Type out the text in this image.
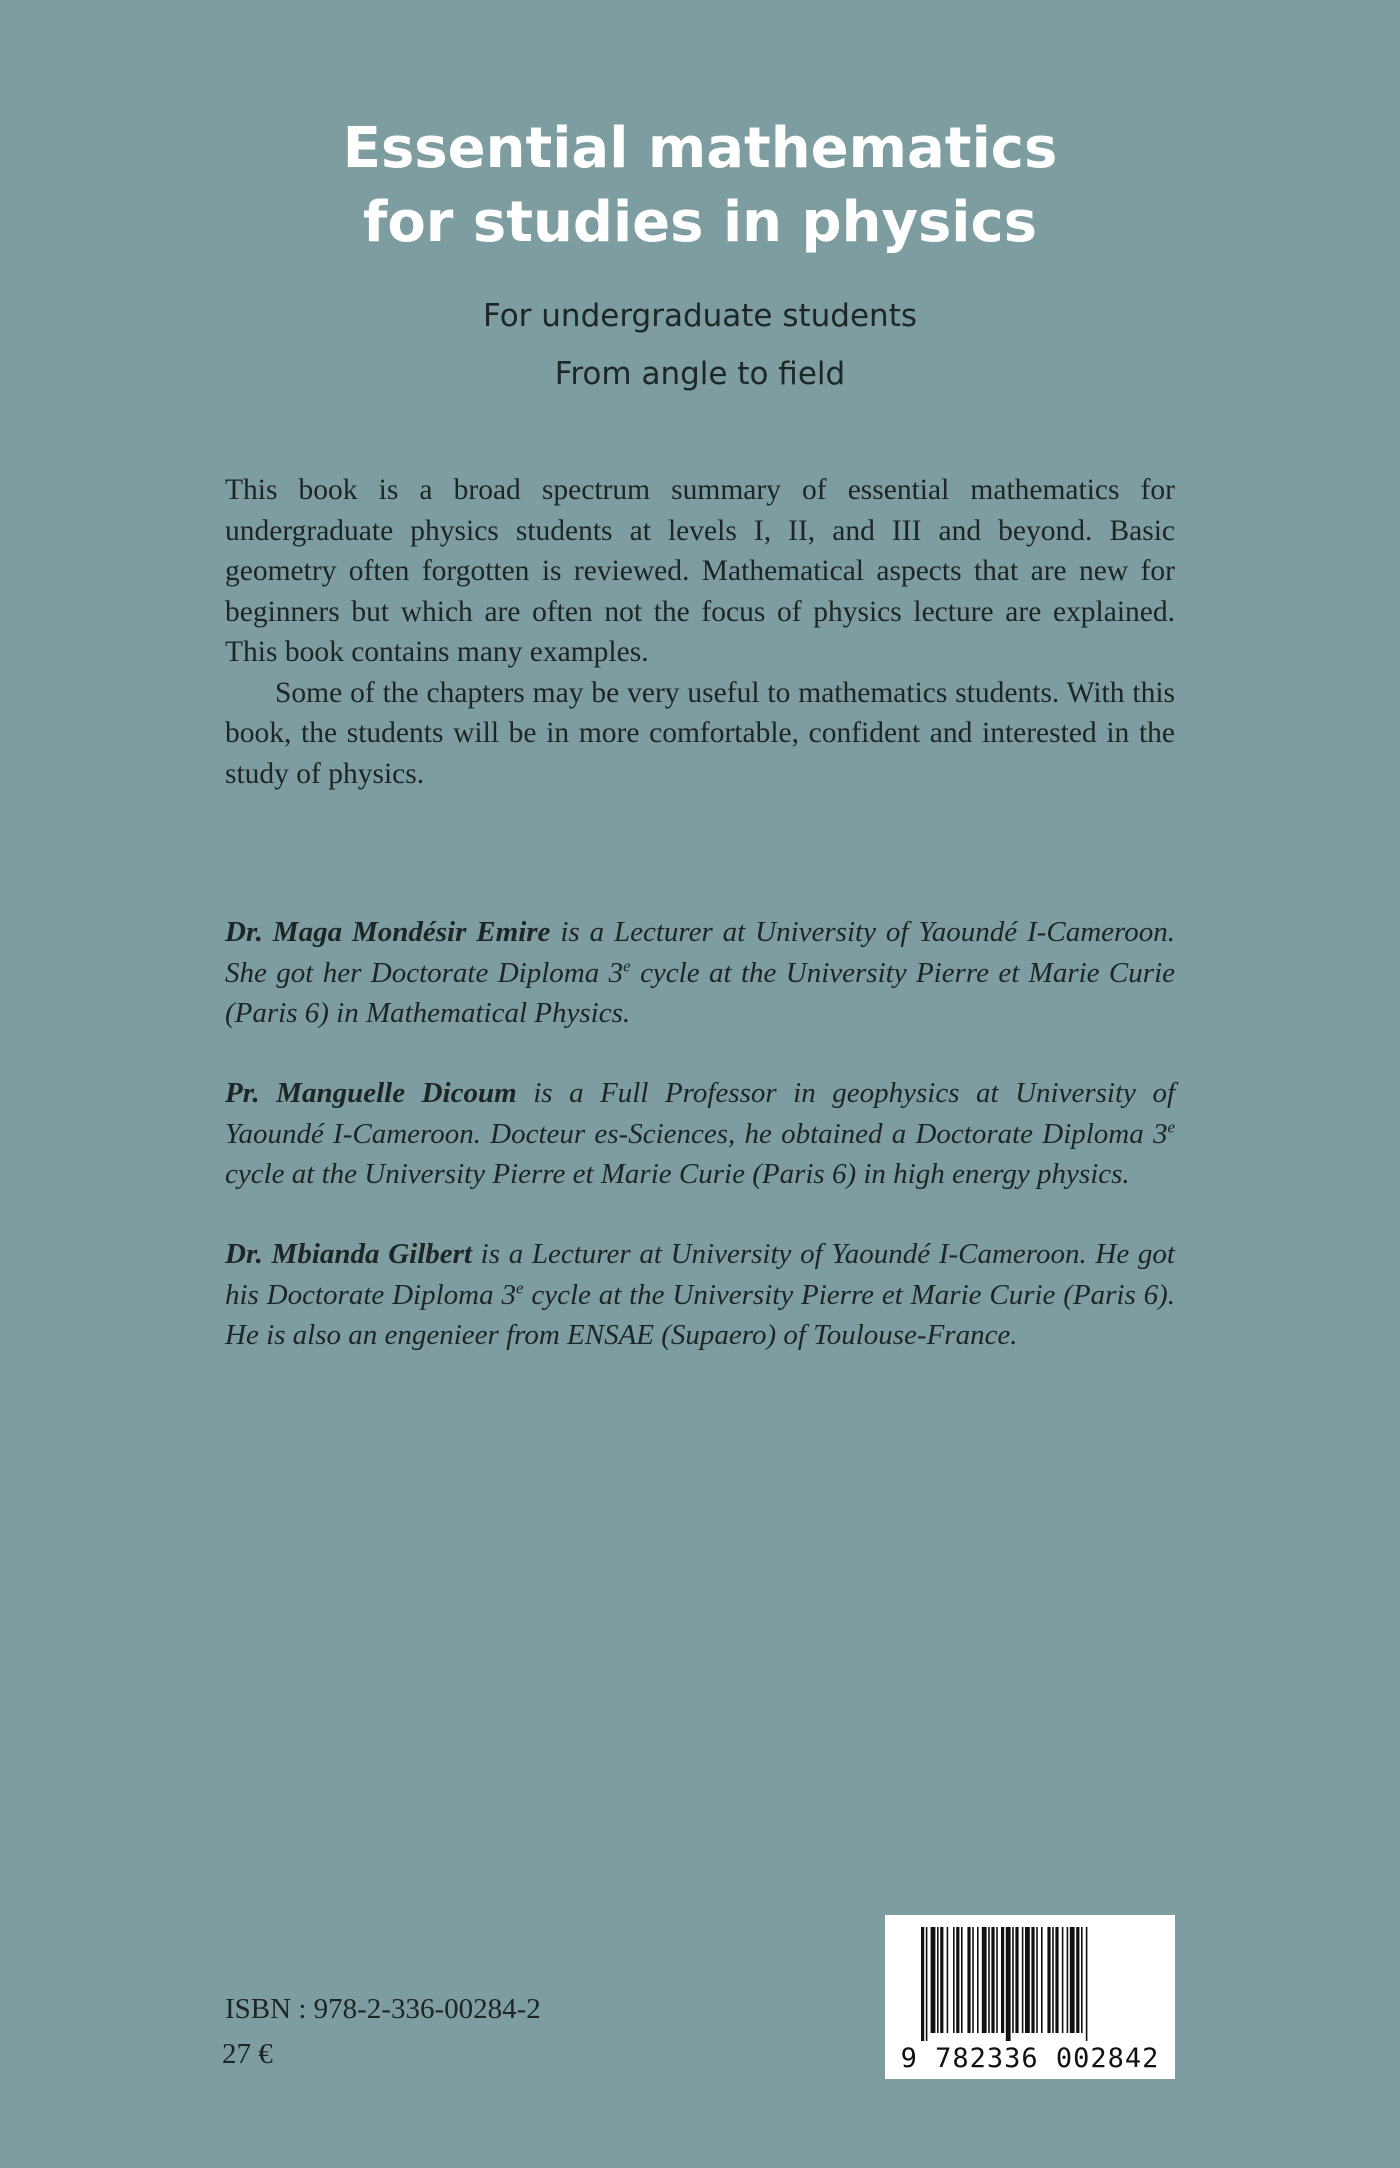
Essential mathematics
for studies in physics

For undergraduate students

From angle to field

This book is a broad spectrum summary of essential mathematics for undergraduate physics students at levels I, II, and III and beyond. Basic geometry often forgotten is reviewed. Mathematical aspects that are new for beginners but which are often not the focus of physics lecture are explained. This book contains many examples.

Some of the chapters may be very useful to mathematics students. With this book, the students will be in more comfortable, confident and interested in the study of physics.

Dr. Maga Mondésir Emire is a Lecturer at University of Yaoundé I-Cameroon. She got her Doctorate Diploma 3e cycle at the University Pierre et Marie Curie (Paris 6) in Mathematical Physics.

Pr. Manguelle Dicoum is a Full Professor in geophysics at University of Yaoundé I-Cameroon. Docteur es-Sciences, he obtained a Doctorate Diploma 3e cycle at the University Pierre et Marie Curie (Paris 6) in high energy physics.

Dr. Mbianda Gilbert is a Lecturer at University of Yaoundé I-Cameroon. He got his Doctorate Diploma 3e cycle at the University Pierre et Marie Curie (Paris 6). He is also an engenieer from ENSAE (Supaero) of Toulouse-France.

ISBN : 978-2-336-00284-2

27 €	9 782336 002842
